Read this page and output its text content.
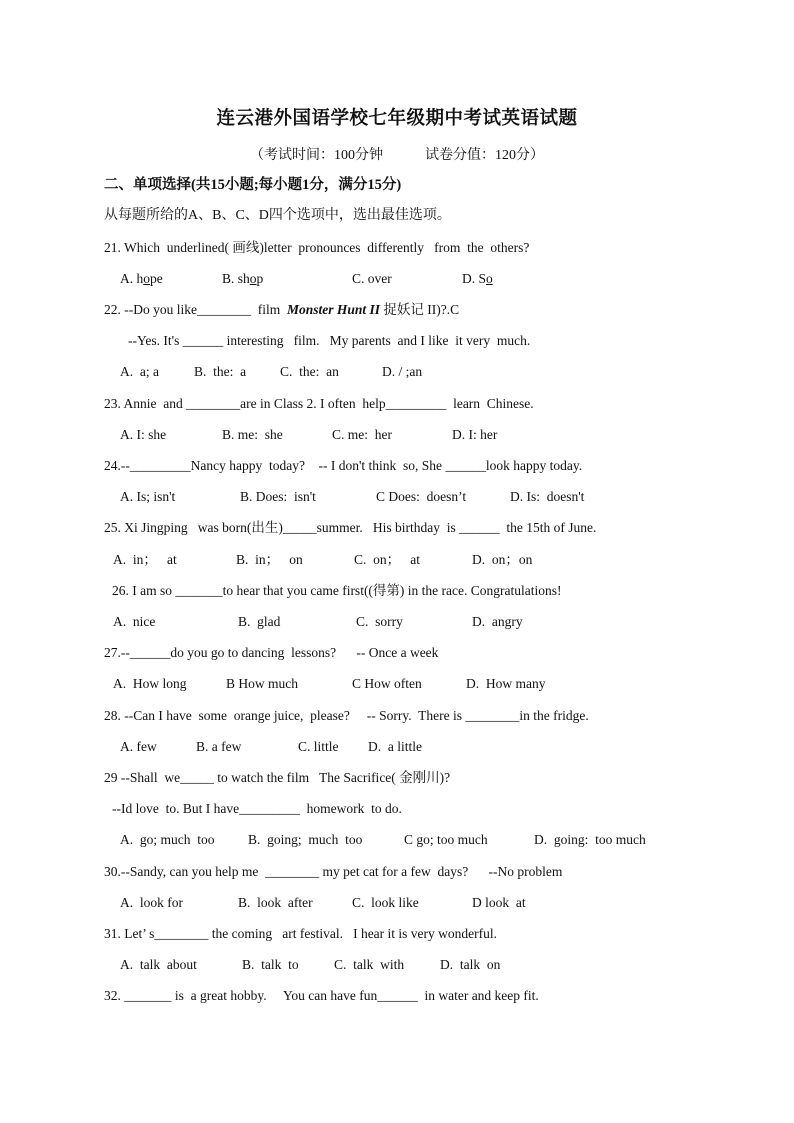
连云港外国语学校七年级期中考试英语试题
（考试时间：100分钟            试卷分值：120分）
二、单项选择(共15小题;每小题1分，满分15分)
从每题所给的A、B、C、D四个选项中，选出最佳选项。
21. Which  underlined( 画线)letter  pronounces  differently   from  the  others?
A. hope	B. shop	C. over	D. So
22. --Do you like________  film  Monster Hunt II 捉妖记 II)?.C
--Yes. It's ______ interesting   film.   My parents  and I like  it very  much.
A.  a; a	B.  the:  a	C.  the:  an	D. / ;an
23. Annie  and ________are in Class 2. I often  help_________  learn  Chinese.
A. I: she	B. me:  she	C. me:  her	D. I: her
24.--_________Nancy happy  today?    -- I don't think  so, She ______look happy today.
A. Is; isn't	B. Does:  isn't	C Does:  doesn’t	D. Is:  doesn't
25. Xi Jingping   was born(出生)_____summer.   His birthday  is ______  the 15th of June.
A.  in；   at	B.  in；   on	C.  on；   at	D.  on；on
26. I am so _______to hear that you came first((得第) in the race. Congratulations!
A.  nice	B.  glad	C.  sorry	D.  angry
27.--______do you go to dancing  lessons?      -- Once a week
A.  How long	B How much	C How often	D.  How many
28. --Can I have  some  orange juice,  please?     -- Sorry.  There is ________in the fridge.
A. few	B. a few	C. little D.  a little
29 --Shall  we_____ to watch the film   The Sacrifice( 金刚川)?
--Id love  to. But I have_________  homework  to do.
A.  go; much  too B.  going;  much  too	C go; too much	D.  going:  too much
30.--Sandy, can you help me  ________ my pet cat for a few  days?      --No problem
A.  look for	B.  look  after	C.  look like	D look  at
31. Let’ s________ the coming   art festival.   I hear it is very wonderful.
A.  talk  about	B.  talk  to	C.  talk  with	D.  talk  on
32. _______ is  a great hobby.     You can have fun______  in water and keep fit.
